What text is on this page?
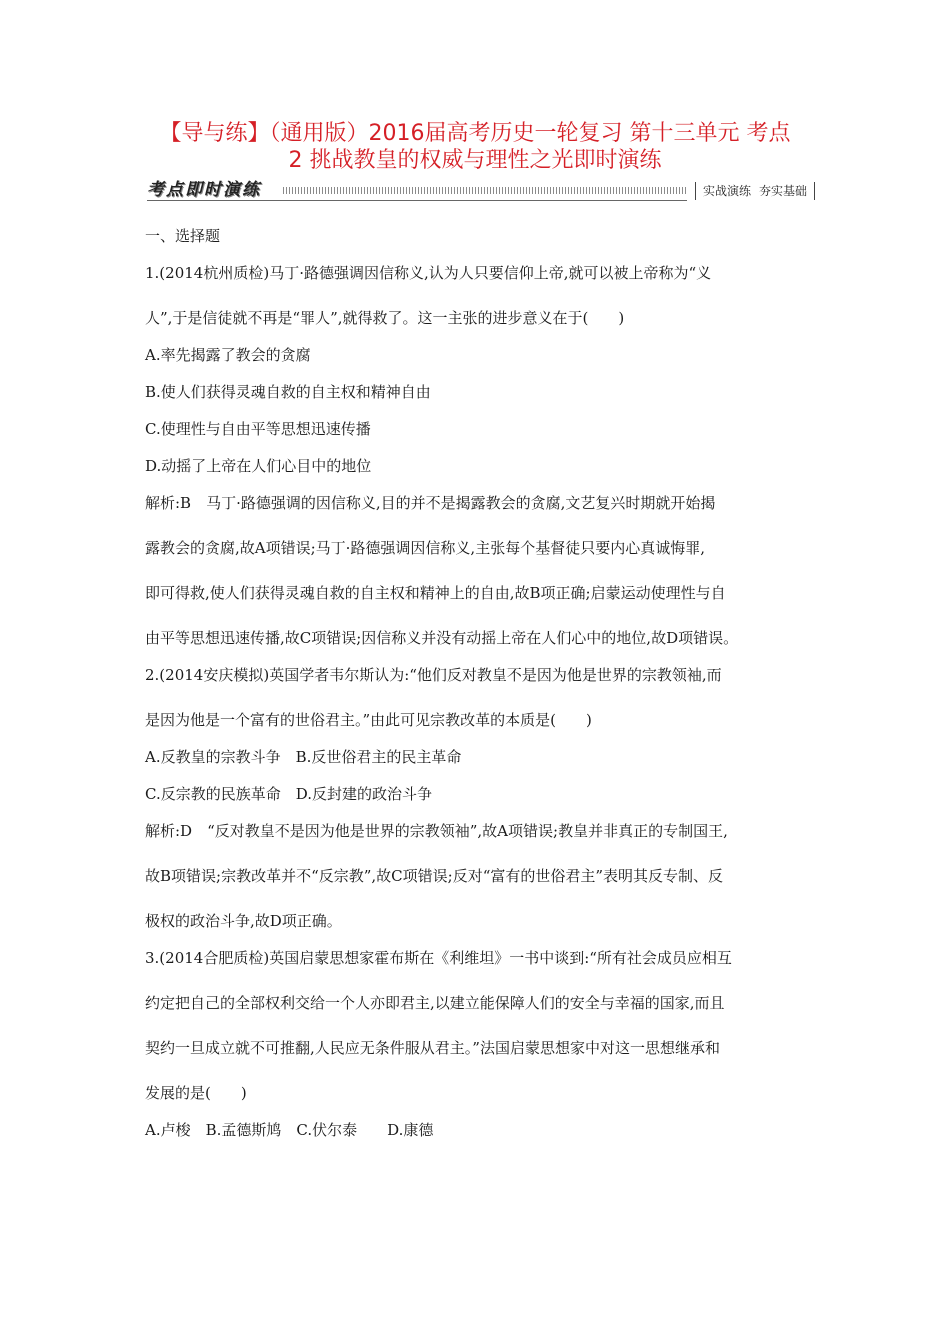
【导与练】（通用版）2016届高考历史一轮复习 第十三单元 考点
2 挑战教皇的权威与理性之光即时演练
考点即时演练	实战演练 夯实基础
一、选择题
1.(2014杭州质检)马丁·路德强调因信称义,认为人只要信仰上帝,就可以被上帝称为“义
人”,于是信徒就不再是“罪人”,就得救了。这一主张的进步意义在于(　　)
A.率先揭露了教会的贪腐
B.使人们获得灵魂自救的自主权和精神自由
C.使理性与自由平等思想迅速传播
D.动摇了上帝在人们心目中的地位
解析:B　马丁·路德强调的因信称义,目的并不是揭露教会的贪腐,文艺复兴时期就开始揭
露教会的贪腐,故A项错误;马丁·路德强调因信称义,主张每个基督徒只要内心真诚悔罪,
即可得救,使人们获得灵魂自救的自主权和精神上的自由,故B项正确;启蒙运动使理性与自
由平等思想迅速传播,故C项错误;因信称义并没有动摇上帝在人们心中的地位,故D项错误。
2.(2014安庆模拟)英国学者韦尔斯认为:“他们反对教皇不是因为他是世界的宗教领袖,而
是因为他是一个富有的世俗君主。”由此可见宗教改革的本质是(　　)
A.反教皇的宗教斗争　B.反世俗君主的民主革命
C.反宗教的民族革命　D.反封建的政治斗争
解析:D　“反对教皇不是因为他是世界的宗教领袖”,故A项错误;教皇并非真正的专制国王,
故B项错误;宗教改革并不“反宗教”,故C项错误;反对“富有的世俗君主”表明其反专制、反
极权的政治斗争,故D项正确。
3.(2014合肥质检)英国启蒙思想家霍布斯在《利维坦》一书中谈到:“所有社会成员应相互
约定把自己的全部权利交给一个人亦即君主,以建立能保障人们的安全与幸福的国家,而且
契约一旦成立就不可推翻,人民应无条件服从君主。”法国启蒙思想家中对这一思想继承和
发展的是(　　)
A.卢梭　B.孟德斯鸠　C.伏尔泰　　D.康德
